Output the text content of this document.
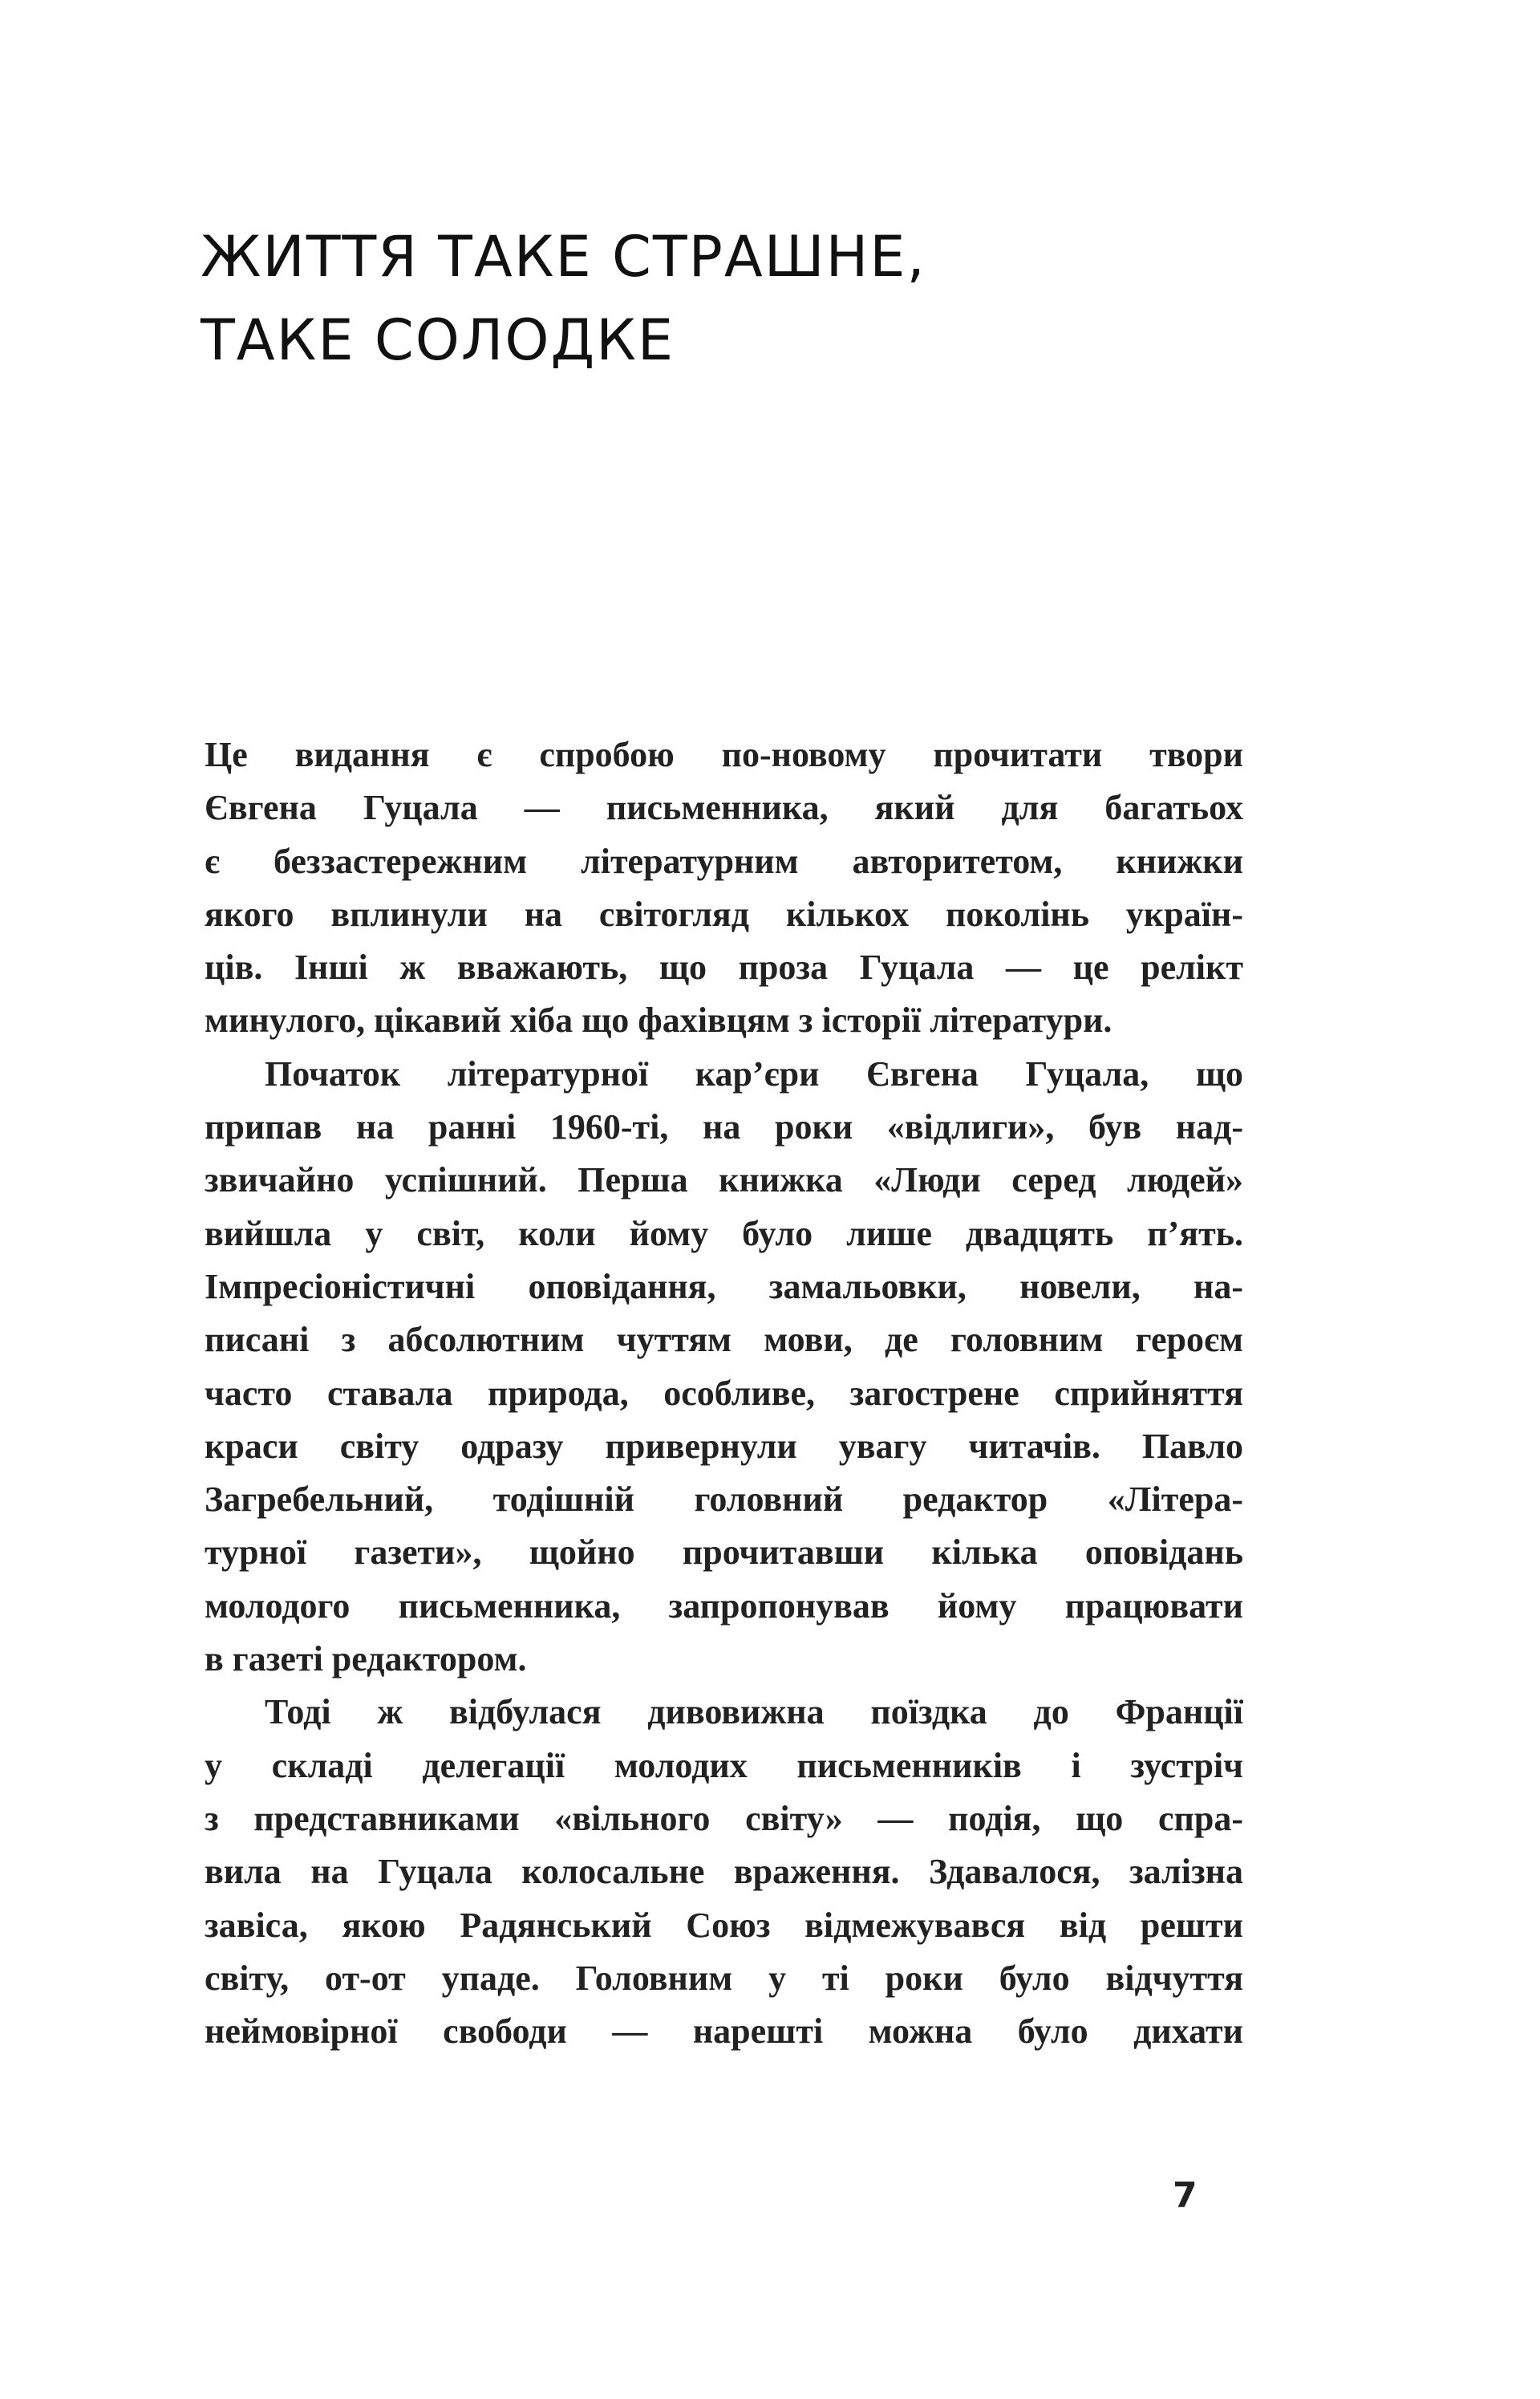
ЖИТТЯ ТАКЕ СТРАШНЕ,
ТАКЕ СОЛОДКЕ
Це видання є спробою по-новому прочитати твори
Євгена Гуцала — письменника, який для багатьох
є беззастережним літературним авторитетом, книжки
якого вплинули на світогляд кількох поколінь україн-
ців. Інші ж вважають, що проза Гуцала — це релікт
минулого, цікавий хіба що фахівцям з історії літератури.
Початок літературної кар’єри Євгена Гуцала, що
припав на ранні 1960-ті, на роки «відлиги», був над-
звичайно успішний. Перша книжка «Люди серед людей»
вийшла у світ, коли йому було лише двадцять п’ять.
Імпресіоністичні оповідання, замальовки, новели, на-
писані з абсолютним чуттям мови, де головним героєм
часто ставала природа, особливе, загострене сприйняття
краси світу одразу привернули увагу читачів. Павло
Загребельний, тодішній головний редактор «Літера-
турної газети», щойно прочитавши кілька оповідань
молодого письменника, запропонував йому працювати
в газеті редактором.
Тоді ж відбулася дивовижна поїздка до Франції
у складі делегації молодих письменників і зустріч
з представниками «вільного світу» — подія, що спра-
вила на Гуцала колосальне враження. Здавалося, залізна
завіса, якою Радянський Союз відмежувався від решти
світу, от-от упаде. Головним у ті роки було відчуття
неймовірної свободи — нарешті можна було дихати
7
